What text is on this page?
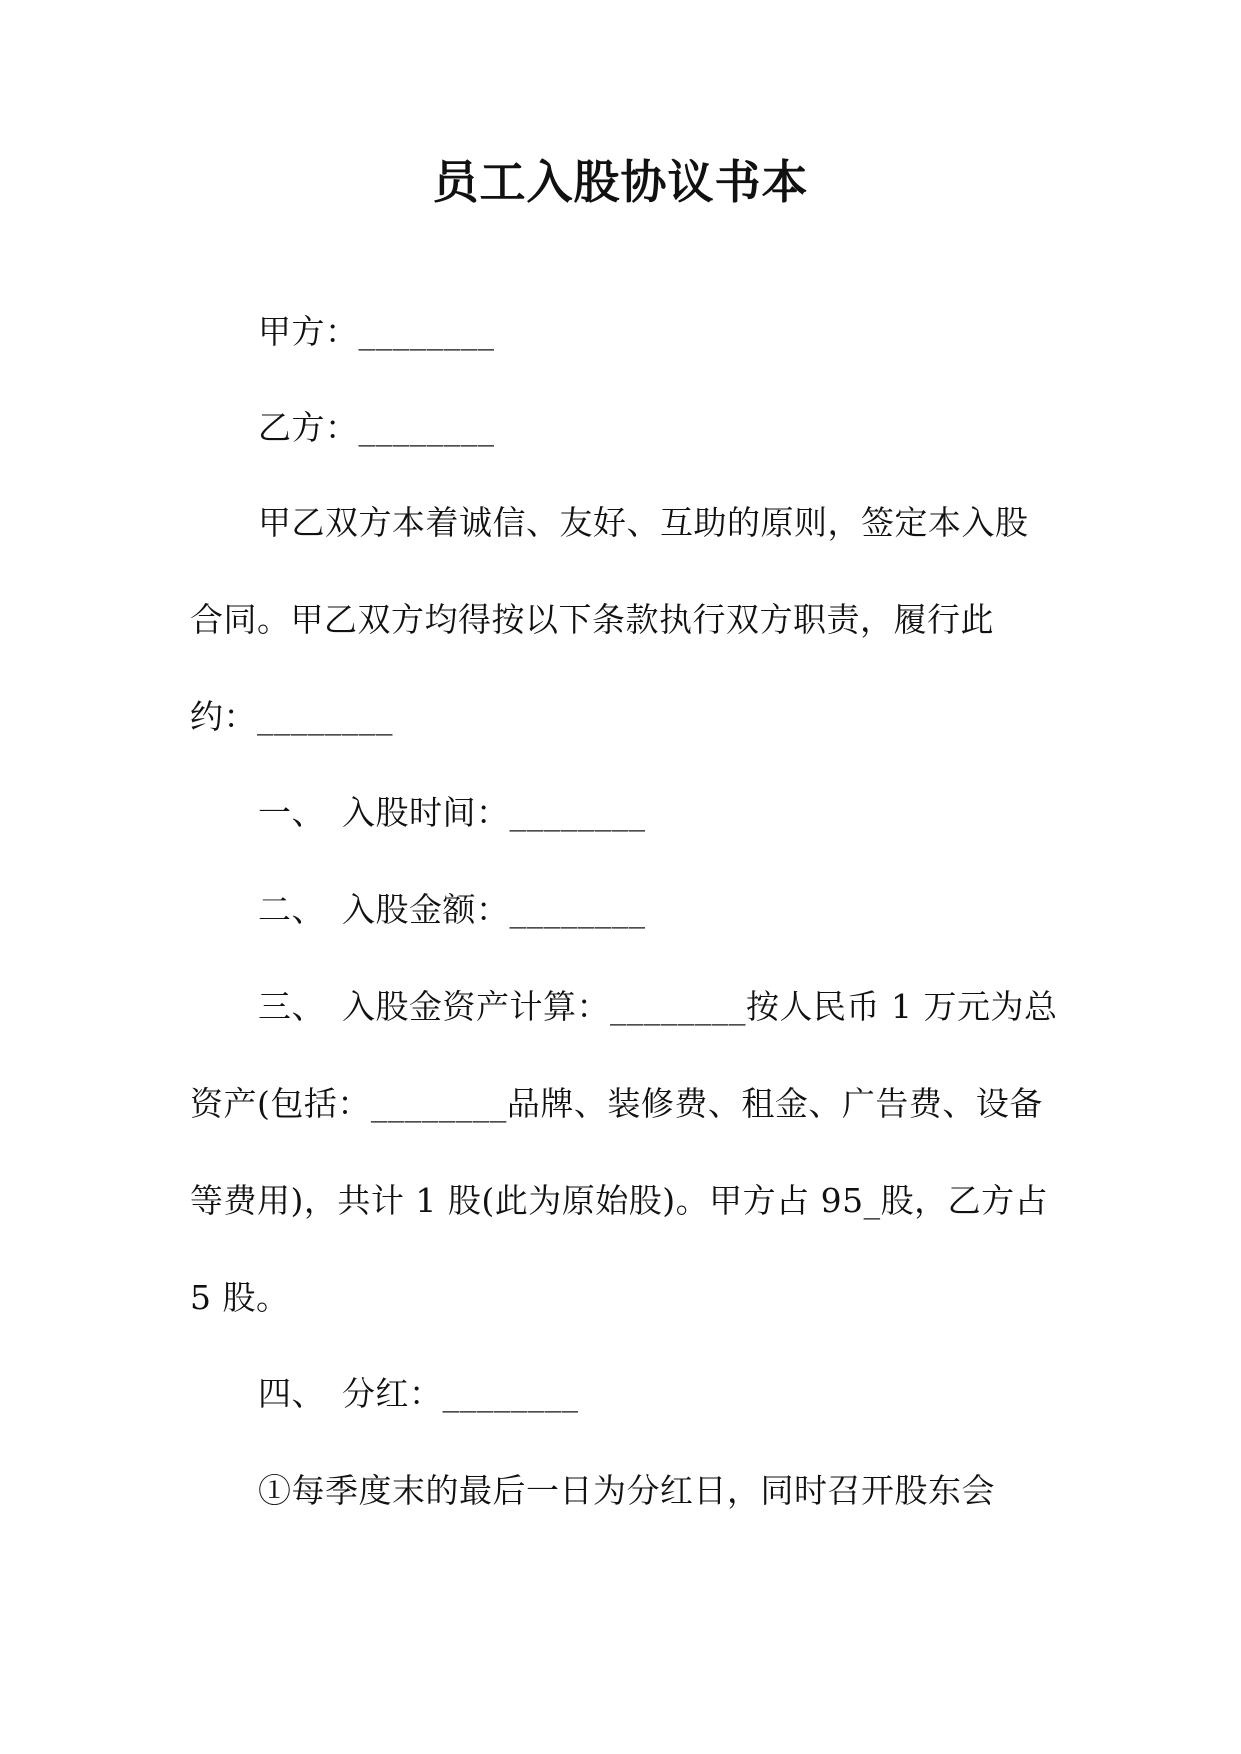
员工入股协议书本
甲方：________
乙方：________
甲乙双方本着诚信、友好、互助的原则，签定本入股
合同。甲乙双方均得按以下条款执行双方职责，履行此
约：________
一、 入股时间：________
二、 入股金额：________
三、 入股金资产计算：________按人民币 1 万元为总
资产(包括：________品牌、装修费、租金、广告费、设备
等费用)，共计 1 股(此为原始股)。甲方占 95_股，乙方占
5 股。
四、 分红：________
①每季度末的最后一日为分红日，同时召开股东会
